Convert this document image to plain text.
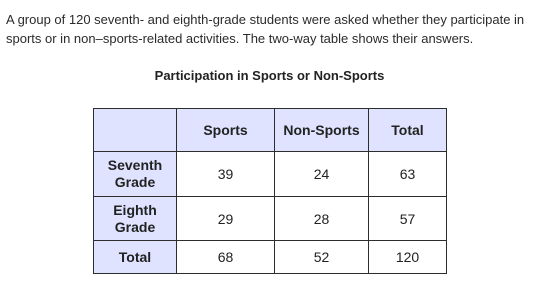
A group of 120 seventh- and eighth-grade students were asked whether they participate in sports or in non–sports-related activities. The two-way table shows their answers.
Participation in Sports or Non-Sports
	Sports	Non-Sports	Total
Seventh
Grade	39	24	63
Eighth
Grade	29	28	57
Total	68	52	120
